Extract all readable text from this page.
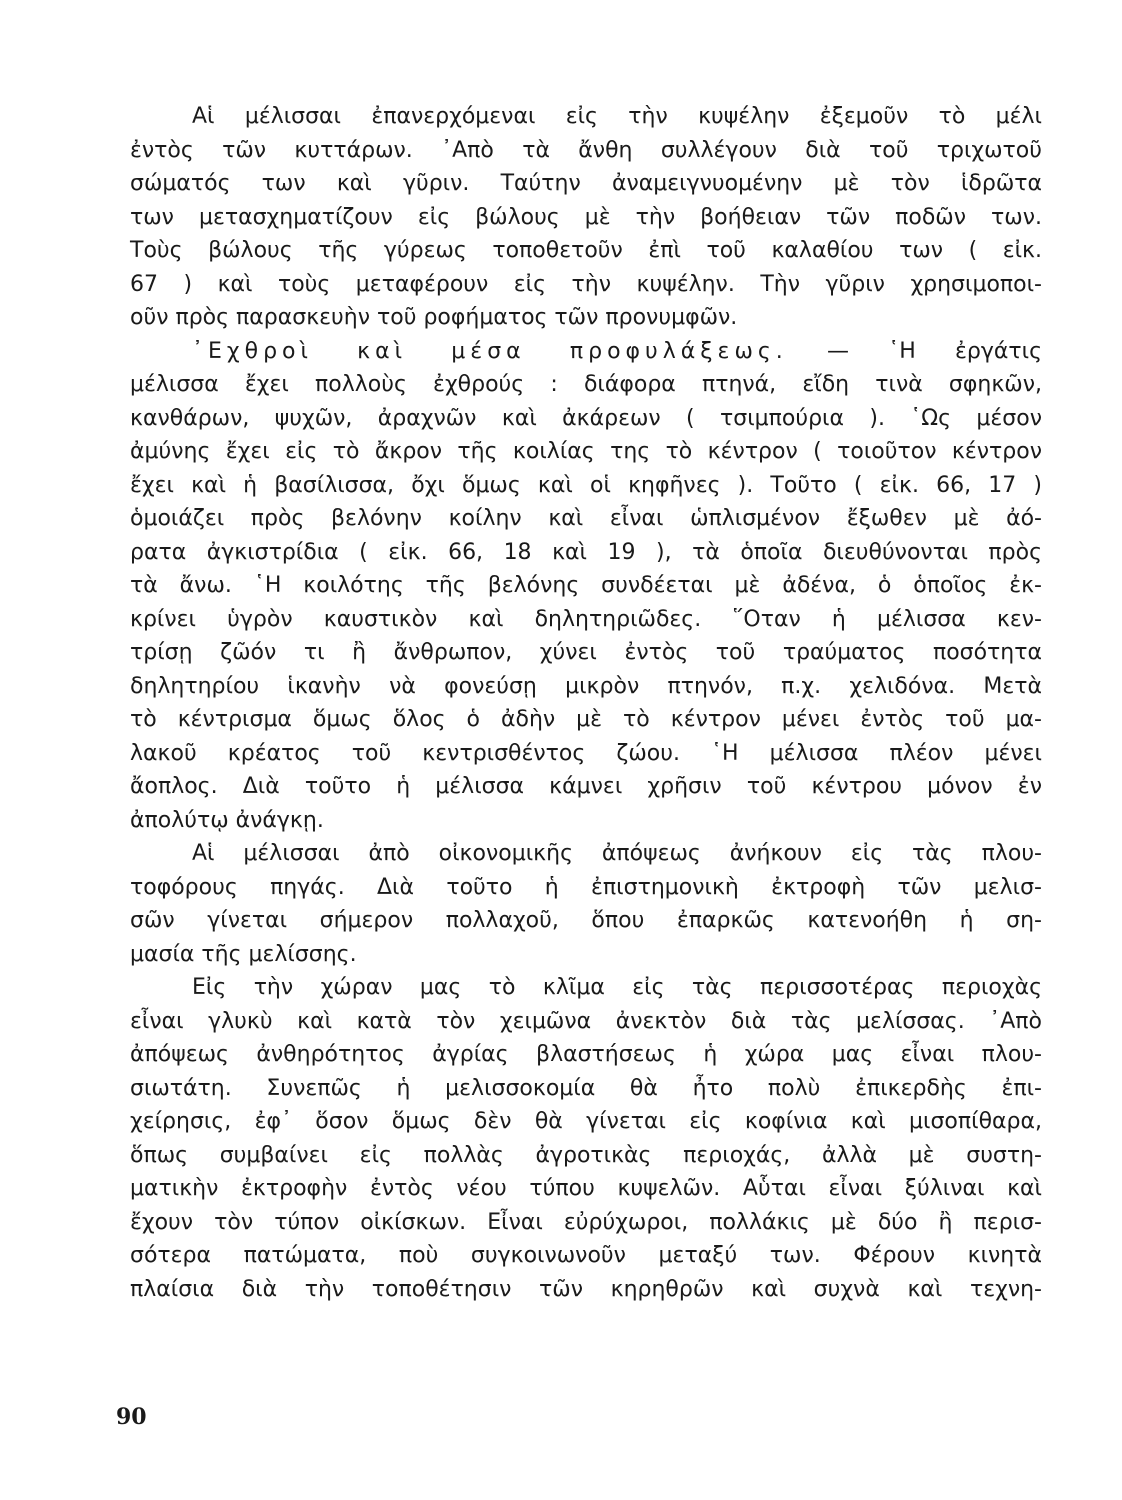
Αἱ μέλισσαι ἐπανερχόμεναι εἰς τὴν κυψέλην ἐξεμοῦν τὸ μέλι
ἐντὸς τῶν κυττάρων. ᾿Απὸ τὰ ἄνθη συλλέγουν διὰ τοῦ τριχωτοῦ
σώματός των καὶ γῦριν. Ταύτην ἀναμειγνυομένην μὲ τὸν ἱδρῶτα
των μετασχηματίζουν εἰς βώλους μὲ τὴν βοήθειαν τῶν ποδῶν των.
Τοὺς βώλους τῆς γύρεως τοποθετοῦν ἐπὶ τοῦ καλαθίου των ( εἰκ.
67 ) καὶ τοὺς μεταφέρουν εἰς τὴν κυψέλην. Τὴν γῦριν χρησιμοποι-
οῦν πρὸς παρασκευὴν τοῦ ροφήματος τῶν προνυμφῶν.
᾿Εχθροὶ καὶ μέσα προφυλάξεως. — ῾Η ἐργάτις
μέλισσα ἔχει πολλοὺς ἐχθρούς : διάφορα πτηνά, εἴδη τινὰ σφηκῶν,
κανθάρων, ψυχῶν, ἀραχνῶν καὶ ἀκάρεων ( τσιμπούρια ). ῾Ως μέσον
ἀμύνης ἔχει εἰς τὸ ἄκρον τῆς κοιλίας της τὸ κέντρον ( τοιοῦτον κέντρον
ἔχει καὶ ἡ βασίλισσα, ὄχι ὅμως καὶ οἱ κηφῆνες ). Τοῦτο ( εἰκ. 66, 17 )
ὁμοιάζει πρὸς βελόνην κοίλην καὶ εἶναι ὡπλισμένον ἔξωθεν μὲ ἀό-
ρατα ἀγκιστρίδια ( εἰκ. 66, 18 καὶ 19 ), τὰ ὁποῖα διευθύνονται πρὸς
τὰ ἄνω. ῾Η κοιλότης τῆς βελόνης συνδέεται μὲ ἀδένα, ὁ ὁποῖος ἐκ-
κρίνει ὑγρὸν καυστικὸν καὶ δηλητηριῶδες. ῞Οταν ἡ μέλισσα κεν-
τρίσῃ ζῶόν τι ἢ ἄνθρωπον, χύνει ἐντὸς τοῦ τραύματος ποσότητα
δηλητηρίου ἱκανὴν νὰ φονεύσῃ μικρὸν πτηνόν, π.χ. χελιδόνα. Μετὰ
τὸ κέντρισμα ὅμως ὅλος ὁ ἀδὴν μὲ τὸ κέντρον μένει ἐντὸς τοῦ μα-
λακοῦ κρέατος τοῦ κεντρισθέντος ζώου. ῾Η μέλισσα πλέον μένει
ἄοπλος. Διὰ τοῦτο ἡ μέλισσα κάμνει χρῆσιν τοῦ κέντρου μόνον ἐν
ἀπολύτῳ ἀνάγκῃ.
Αἱ μέλισσαι ἀπὸ οἰκονομικῆς ἀπόψεως ἀνήκουν εἰς τὰς πλου-
τοφόρους πηγάς. Διὰ τοῦτο ἡ ἐπιστημονικὴ ἐκτροφὴ τῶν μελισ-
σῶν γίνεται σήμερον πολλαχοῦ, ὅπου ἐπαρκῶς κατενοήθη ἡ ση-
μασία τῆς μελίσσης.
Εἰς τὴν χώραν μας τὸ κλῖμα εἰς τὰς περισσοτέρας περιοχὰς
εἶναι γλυκὺ καὶ κατὰ τὸν χειμῶνα ἀνεκτὸν διὰ τὰς μελίσσας. ᾿Απὸ
ἀπόψεως ἀνθηρότητος ἀγρίας βλαστήσεως ἡ χώρα μας εἶναι πλου-
σιωτάτη. Συνεπῶς ἡ μελισσοκομία θὰ ἦτο πολὺ ἐπικερδὴς ἐπι-
χείρησις, ἐφ᾿ ὅσον ὅμως δὲν θὰ γίνεται εἰς κοφίνια καὶ μισοπίθαρα,
ὅπως συμβαίνει εἰς πολλὰς ἀγροτικὰς περιοχάς, ἀλλὰ μὲ συστη-
ματικὴν ἐκτροφὴν ἐντὸς νέου τύπου κυψελῶν. Αὗται εἶναι ξύλιναι καὶ
ἔχουν τὸν τύπον οἰκίσκων. Εἶναι εὐρύχωροι, πολλάκις μὲ δύο ἢ περισ-
σότερα πατώματα, ποὺ συγκοινωνοῦν μεταξύ των. Φέρουν κινητὰ
πλαίσια διὰ τὴν τοποθέτησιν τῶν κηρηθρῶν καὶ συχνὰ καὶ τεχνη-
90
